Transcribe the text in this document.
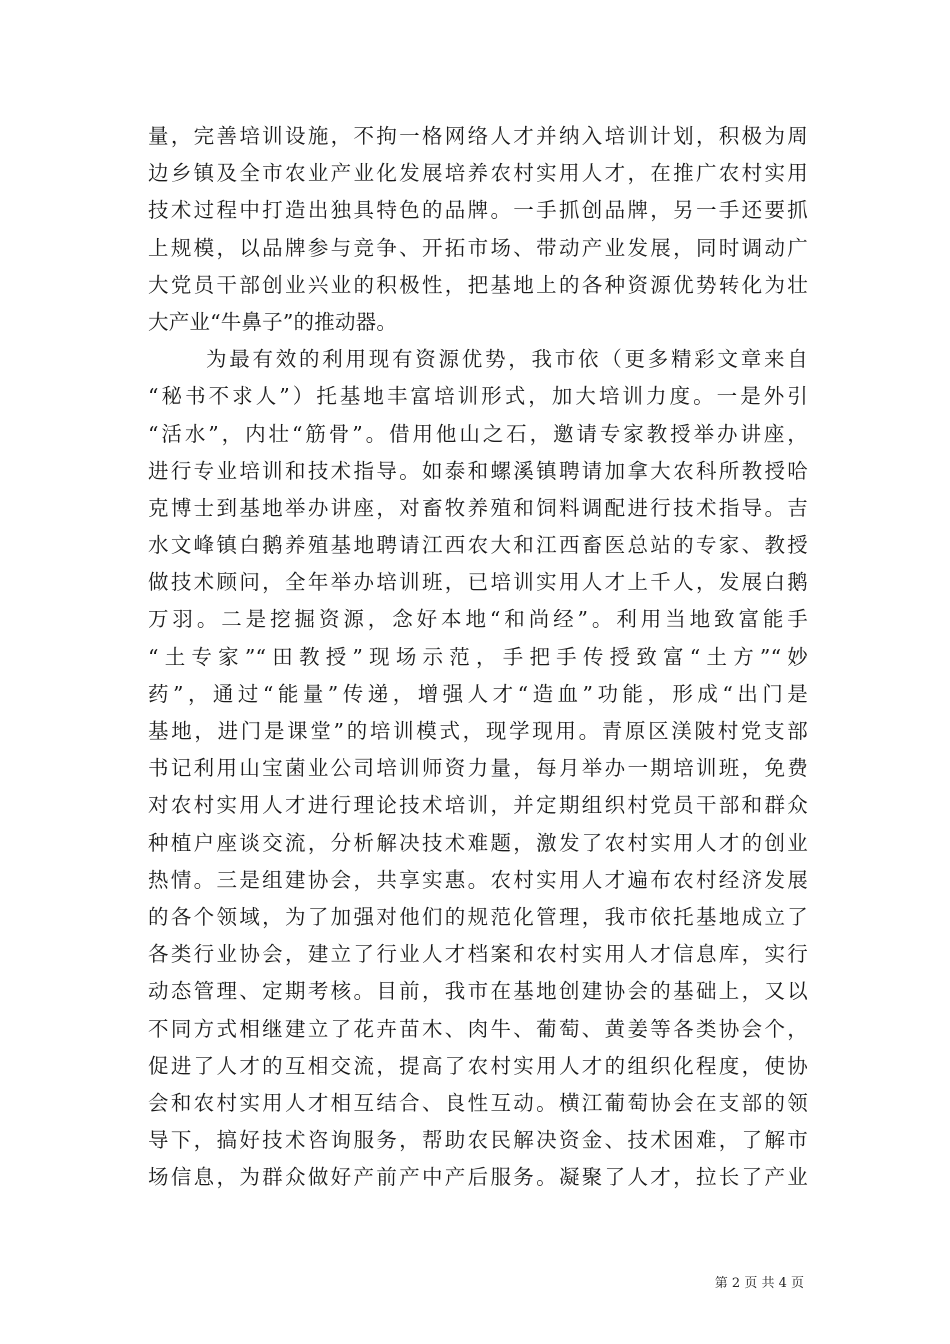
量，完善培训设施，不拘一格网络人才并纳入培训计划，积极为周
边乡镇及全市农业产业化发展培养农村实用人才，在推广农村实用
技术过程中打造出独具特色的品牌。一手抓创品牌，另一手还要抓
上规模，以品牌参与竞争、开拓市场、带动产业发展，同时调动广
大党员干部创业兴业的积极性，把基地上的各种资源优势转化为壮
大产业“牛鼻子”的推动器。
为最有效的利用现有资源优势，我市依（更多精彩文章来自
“秘书不求人”）托基地丰富培训形式，加大培训力度。一是外引
“活水”，内壮“筋骨”。借用他山之石，邀请专家教授举办讲座，
进行专业培训和技术指导。如泰和螺溪镇聘请加拿大农科所教授哈
克博士到基地举办讲座，对畜牧养殖和饲料调配进行技术指导。吉
水文峰镇白鹅养殖基地聘请江西农大和江西畜医总站的专家、教授
做技术顾问，全年举办培训班，已培训实用人才上千人，发展白鹅
万羽。二是挖掘资源，念好本地“和尚经”。利用当地致富能手
“土专家”“田教授”现场示范，手把手传授致富“土方”“妙
药”，通过“能量”传递，增强人才“造血”功能，形成“出门是
基地，进门是课堂”的培训模式，现学现用。青原区渼陂村党支部
书记利用山宝菌业公司培训师资力量，每月举办一期培训班，免费
对农村实用人才进行理论技术培训，并定期组织村党员干部和群众
种植户座谈交流，分析解决技术难题，激发了农村实用人才的创业
热情。三是组建协会，共享实惠。农村实用人才遍布农村经济发展
的各个领域，为了加强对他们的规范化管理，我市依托基地成立了
各类行业协会，建立了行业人才档案和农村实用人才信息库，实行
动态管理、定期考核。目前，我市在基地创建协会的基础上，又以
不同方式相继建立了花卉苗木、肉牛、葡萄、黄姜等各类协会个，
促进了人才的互相交流，提高了农村实用人才的组织化程度，使协
会和农村实用人才相互结合、良性互动。横江葡萄协会在支部的领
导下，搞好技术咨询服务，帮助农民解决资金、技术困难，了解市
场信息，为群众做好产前产中产后服务。凝聚了人才，拉长了产业
第 2 页 共 4 页
